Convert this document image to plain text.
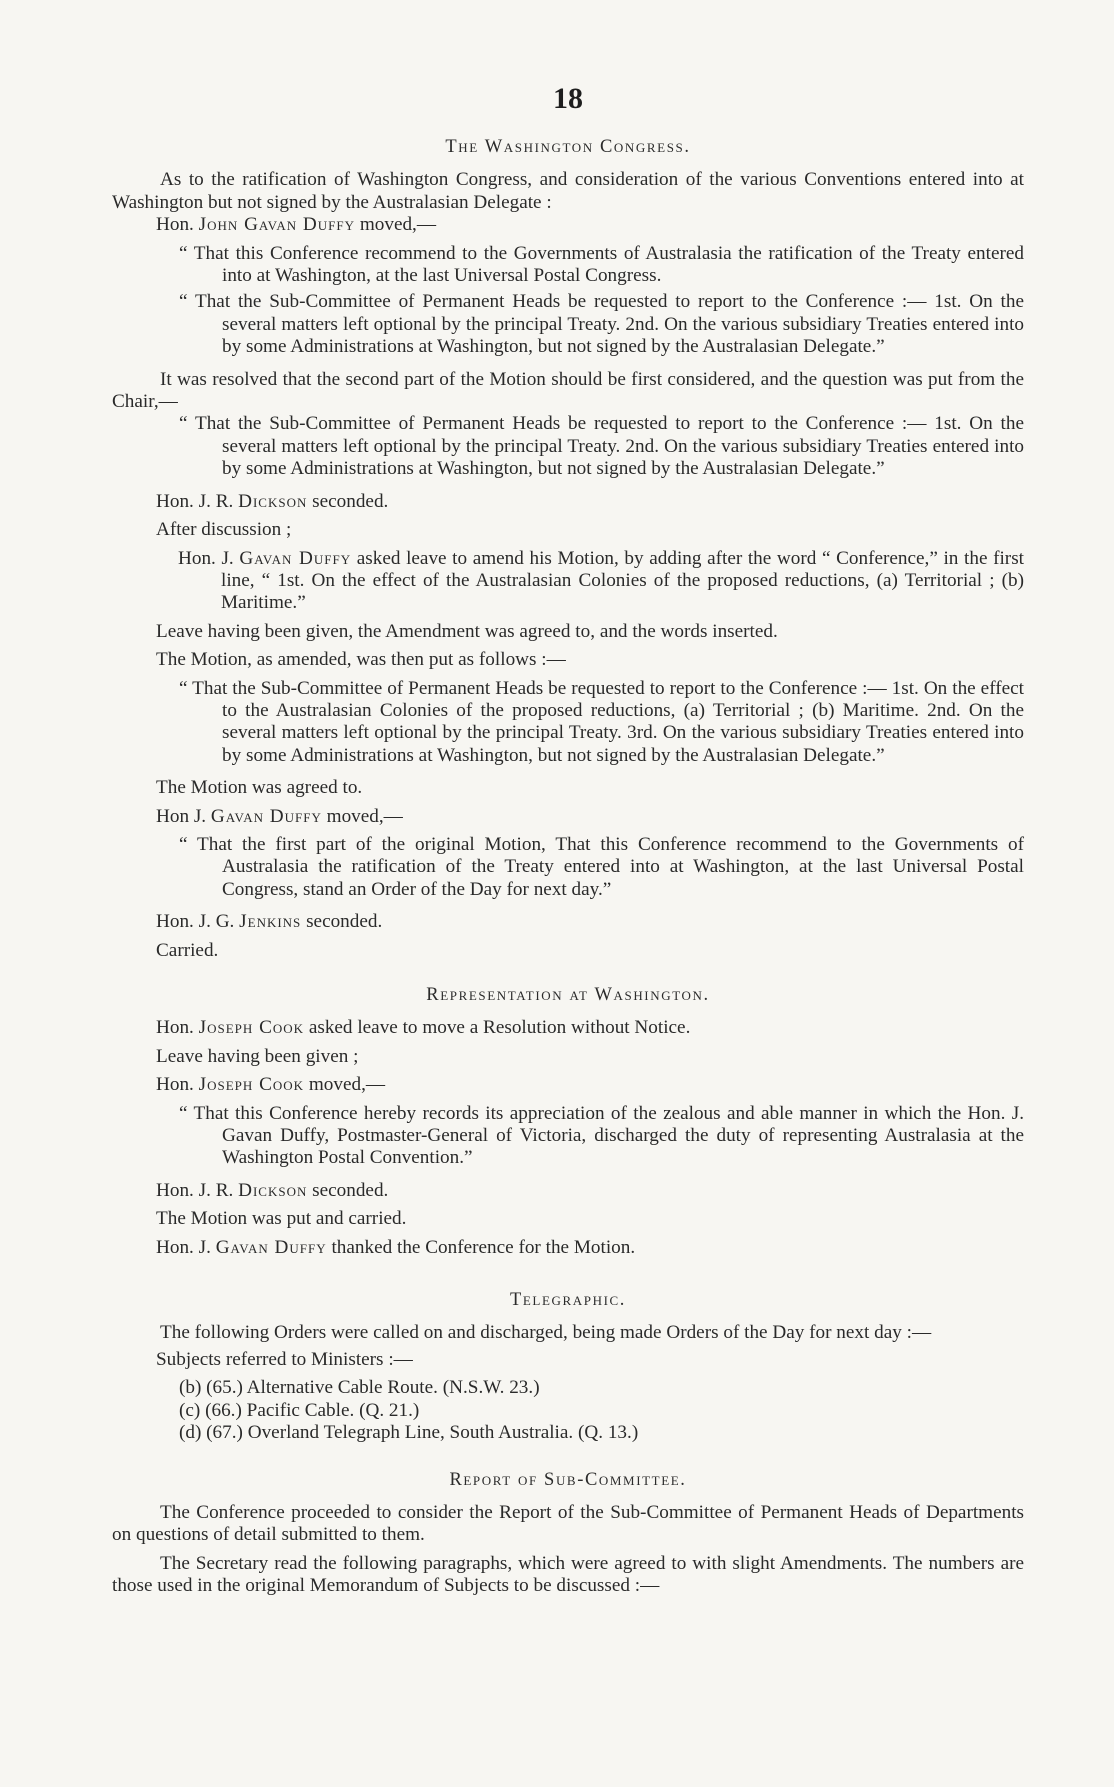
18
The Washington Congress.

As to the ratification of Washington Congress, and consideration of the various Conventions entered into at Washington but not signed by the Australasian Delegate :

Hon. John Gavan Duffy moved,—
“ That this Conference recommend to the Governments of Australasia the ratification of the Treaty entered into at Washington, at the last Universal Postal Congress.
“ That the Sub-Committee of Permanent Heads be requested to report to the Conference :— 1st. On the several matters left optional by the principal Treaty. 2nd. On the various subsidiary Treaties entered into by some Administrations at Washington, but not signed by the Australasian Delegate.”

It was resolved that the second part of the Motion should be first considered, and the question was put from the Chair,—

“ That the Sub-Committee of Permanent Heads be requested to report to the Conference :— 1st. On the several matters left optional by the principal Treaty. 2nd. On the various subsidiary Treaties entered into by some Administrations at Washington, but not signed by the Australasian Delegate.”
Hon. J. R. Dickson seconded.
After discussion ;
Hon. J. Gavan Duffy asked leave to amend his Motion, by adding after the word “ Conference,” in the first line, “ 1st. On the effect of the Australasian Colonies of the proposed reductions, (a) Territorial ; (b) Maritime.”
Leave having been given, the Amendment was agreed to, and the words inserted.
The Motion, as amended, was then put as follows :—
“ That the Sub-Committee of Permanent Heads be requested to report to the Conference :— 1st. On the effect to the Australasian Colonies of the proposed reductions, (a) Territorial ; (b) Maritime. 2nd. On the several matters left optional by the principal Treaty. 3rd. On the various subsidiary Treaties entered into by some Administrations at Washington, but not signed by the Australasian Delegate.”
The Motion was agreed to.
Hon J. Gavan Duffy moved,—
“ That the first part of the original Motion, That this Conference recommend to the Governments of Australasia the ratification of the Treaty entered into at Washington, at the last Universal Postal Congress, stand an Order of the Day for next day.”
Hon. J. G. Jenkins seconded.
Carried.
Representation at Washington.
Hon. Joseph Cook asked leave to move a Resolution without Notice.
Leave having been given ;
Hon. Joseph Cook moved,—
“ That this Conference hereby records its appreciation of the zealous and able manner in which the Hon. J. Gavan Duffy, Postmaster-General of Victoria, discharged the duty of representing Australasia at the Washington Postal Convention.”
Hon. J. R. Dickson seconded.
The Motion was put and carried.
Hon. J. Gavan Duffy thanked the Conference for the Motion.
Telegraphic.

The following Orders were called on and discharged, being made Orders of the Day for next day :—

Subjects referred to Ministers :—
(b) (65.) Alternative Cable Route. (N.S.W. 23.)
(c) (66.) Pacific Cable. (Q. 21.)
(d) (67.) Overland Telegraph Line, South Australia. (Q. 13.)
Report of Sub-Committee.

The Conference proceeded to consider the Report of the Sub-Committee of Permanent Heads of Departments on questions of detail submitted to them.

The Secretary read the following paragraphs, which were agreed to with slight Amendments. The numbers are those used in the original Memorandum of Subjects to be discussed :—
